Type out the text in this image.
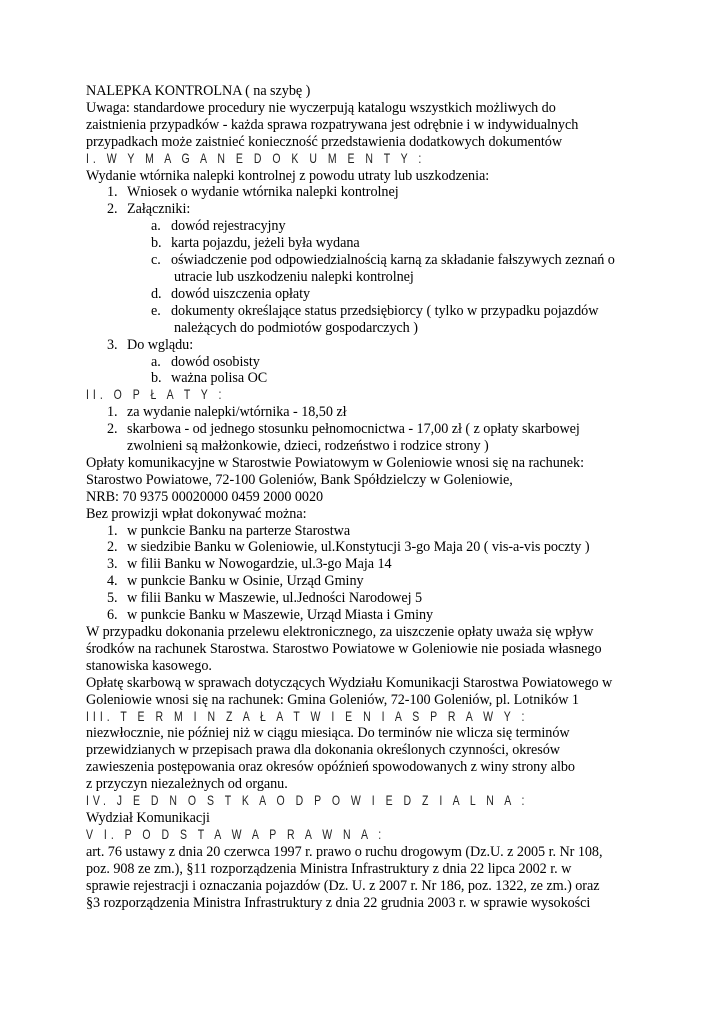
NALEPKA KONTROLNA ( na szybę )
Uwaga: standardowe procedury nie wyczerpują katalogu wszystkich możliwych do
zaistnienia przypadków - każda sprawa rozpatrywana jest odrębnie i w indywidualnych
przypadkach może zaistnieć konieczność przedstawienia dodatkowych dokumentów
I. W Y M A G A N E D O K U M E N T Y :
Wydanie wtórnika nalepki kontrolnej z powodu utraty lub uszkodzenia:
1. Wniosek o wydanie wtórnika nalepki kontrolnej
2. Załączniki:
a. dowód rejestracyjny
b. karta pojazdu, jeżeli była wydana
c. oświadczenie pod odpowiedzialnością karną za składanie fałszywych zeznań o
utracie lub uszkodzeniu nalepki kontrolnej
d. dowód uiszczenia opłaty
e. dokumenty określające status przedsiębiorcy ( tylko w przypadku pojazdów
należących do podmiotów gospodarczych )
3. Do wglądu:
a. dowód osobisty
b. ważna polisa OC
II. O P Ł A T Y :
1. za wydanie nalepki/wtórnika - 18,50 zł
2. skarbowa - od jednego stosunku pełnomocnictwa - 17,00 zł ( z opłaty skarbowej
zwolnieni są małżonkowie, dzieci, rodzeństwo i rodzice strony )
Opłaty komunikacyjne w Starostwie Powiatowym w Goleniowie wnosi się na rachunek:
Starostwo Powiatowe, 72-100 Goleniów, Bank Spółdzielczy w Goleniowie,
NRB: 70 9375 00020000 0459 2000 0020
Bez prowizji wpłat dokonywać można:
1. w punkcie Banku na parterze Starostwa
2. w siedzibie Banku w Goleniowie, ul.Konstytucji 3-go Maja 20 ( vis-a-vis poczty )
3. w filii Banku w Nowogardzie, ul.3-go Maja 14
4. w punkcie Banku w Osinie, Urząd Gminy
5. w filii Banku w Maszewie, ul.Jedności Narodowej 5
6. w punkcie Banku w Maszewie, Urząd Miasta i Gminy
W przypadku dokonania przelewu elektronicznego, za uiszczenie opłaty uważa się wpływ
środków na rachunek Starostwa. Starostwo Powiatowe w Goleniowie nie posiada własnego
stanowiska kasowego.
Opłatę skarbową w sprawach dotyczących Wydziału Komunikacji Starostwa Powiatowego w
Goleniowie wnosi się na rachunek: Gmina Goleniów, 72-100 Goleniów, pl. Lotników 1
III. T E R M I N Z A Ł A T W I E N I A S P R A W Y :
niezwłocznie, nie później niż w ciągu miesiąca. Do terminów nie wlicza się terminów
przewidzianych w przepisach prawa dla dokonania określonych czynności, okresów
zawieszenia postępowania oraz okresów opóźnień spowodowanych z winy strony albo
z przyczyn niezależnych od organu.
IV. J E D N O S T K A O D P O W I E D Z I A L N A :
Wydział Komunikacji
V I. P O D S T A W A P R A W N A :
art. 76 ustawy z dnia 20 czerwca 1997 r. prawo o ruchu drogowym (Dz.U. z 2005 r. Nr 108,
poz. 908 ze zm.), §11 rozporządzenia Ministra Infrastruktury z dnia 22 lipca 2002 r. w
sprawie rejestracji i oznaczania pojazdów (Dz. U. z 2007 r. Nr 186, poz. 1322, ze zm.) oraz
§3 rozporządzenia Ministra Infrastruktury z dnia 22 grudnia 2003 r. w sprawie wysokości
